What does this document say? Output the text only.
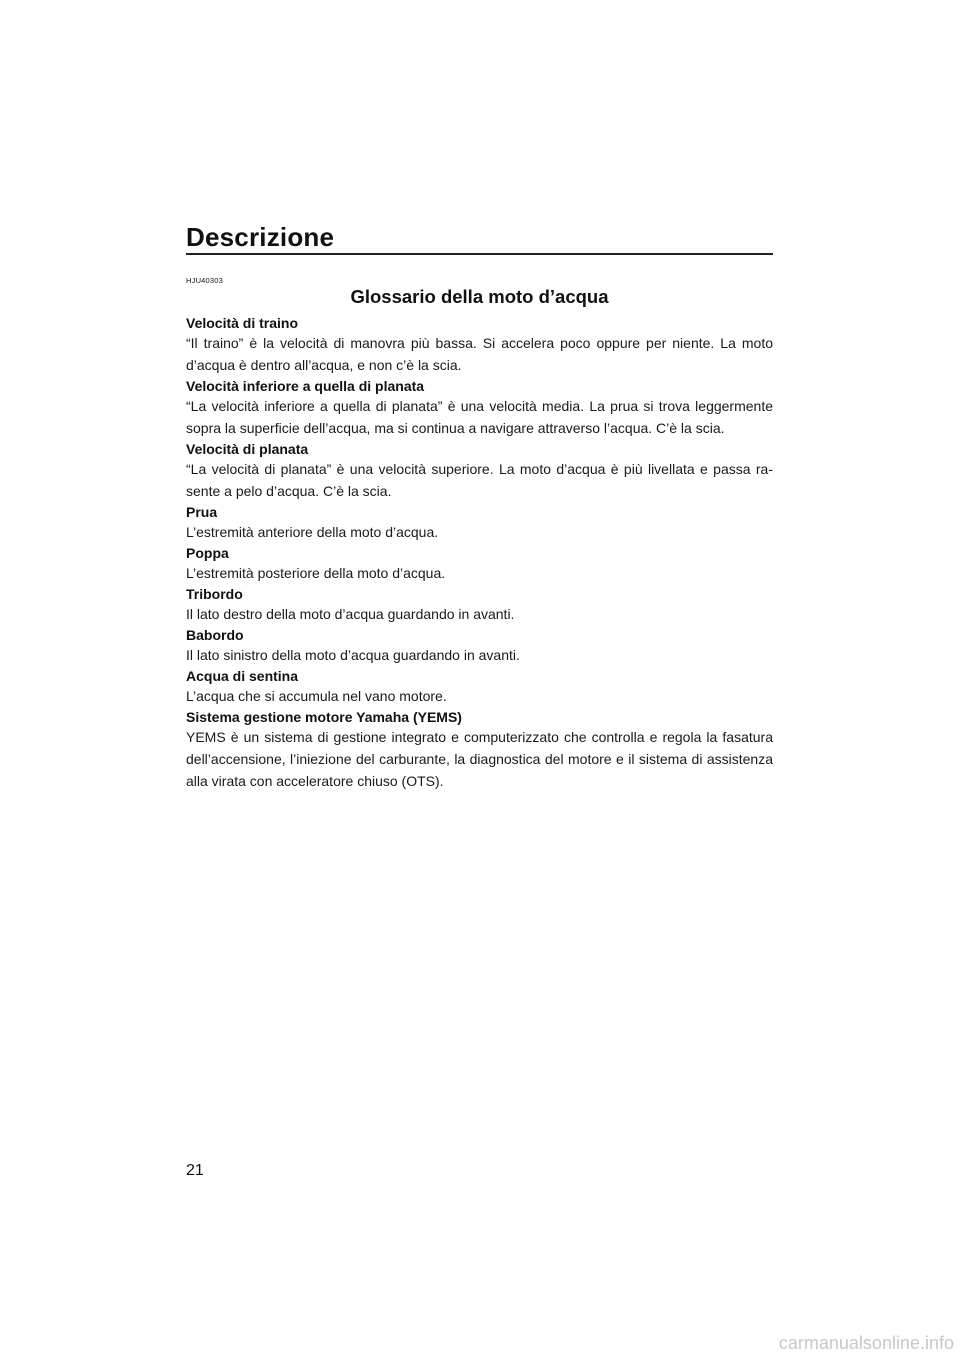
Descrizione
HJU40303
Glossario della moto d’acqua
Velocità di traino
“Il traino” è la velocità di manovra più bassa. Si accelera poco oppure per niente. La moto d’acqua è dentro all’acqua, e non c’è la scia.
Velocità inferiore a quella di planata
“La velocità inferiore a quella di planata” è una velocità media. La prua si trova leggermente sopra la superficie dell’acqua, ma si continua a navigare attraverso l’acqua. C’è la scia.
Velocità di planata
“La velocità di planata” è una velocità superiore. La moto d’acqua è più livellata e passa ra-sente a pelo d’acqua. C’è la scia.
Prua
L’estremità anteriore della moto d’acqua.
Poppa
L’estremità posteriore della moto d’acqua.
Tribordo
Il lato destro della moto d’acqua guardando in avanti.
Babordo
Il lato sinistro della moto d’acqua guardando in avanti.
Acqua di sentina
L’acqua che si accumula nel vano motore.
Sistema gestione motore Yamaha (YEMS)
YEMS è un sistema di gestione integrato e computerizzato che controlla e regola la fasatura dell’accensione, l’iniezione del carburante, la diagnostica del motore e il sistema di assistenza alla virata con acceleratore chiuso (OTS).
21
carmanualsonline.info
